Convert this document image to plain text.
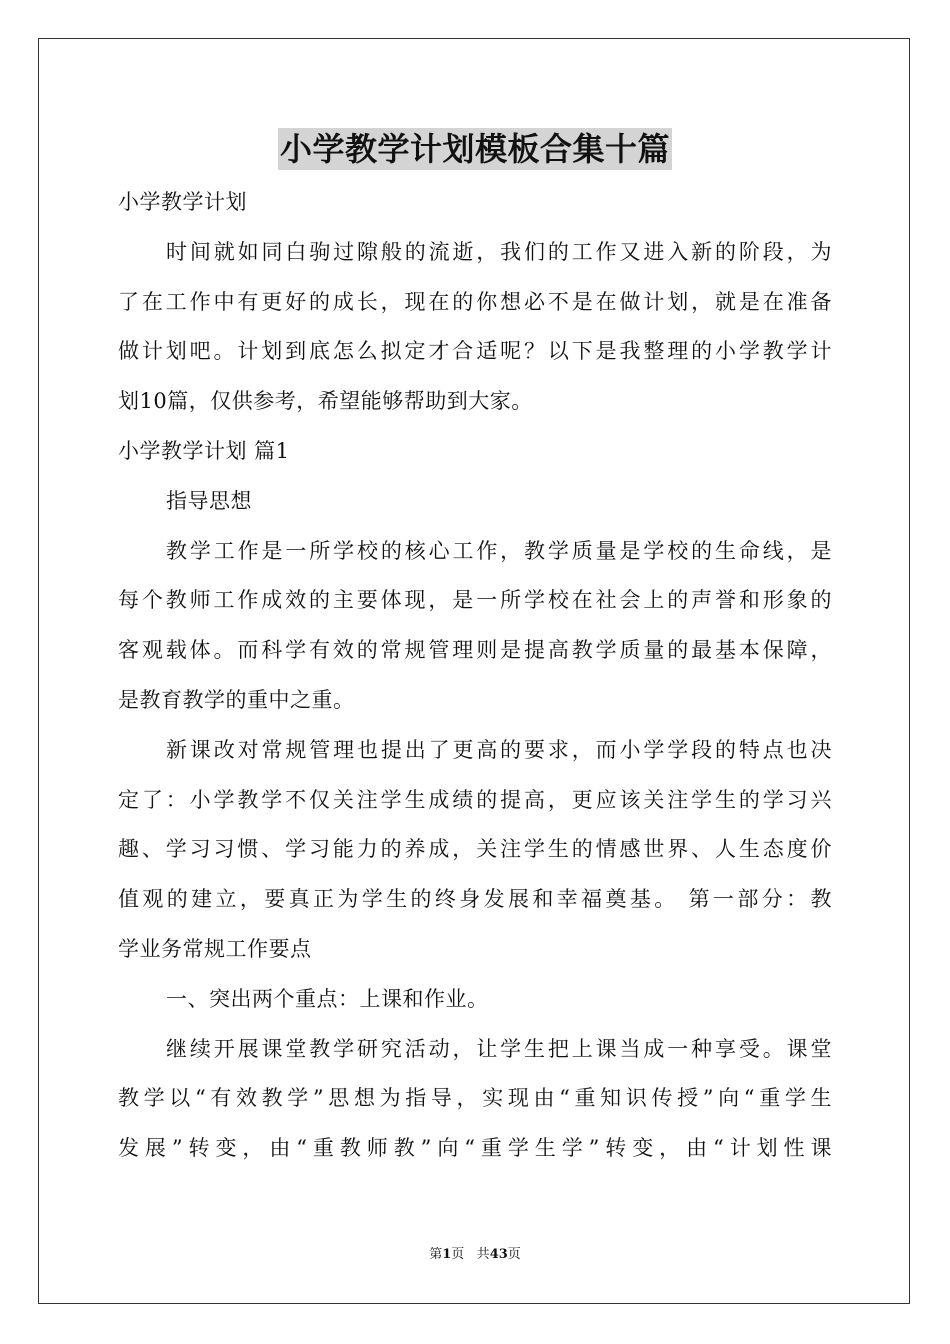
小学教学计划模板合集十篇
小学教学计划
时间就如同白驹过隙般的流逝，我们的工作又进入新的阶段，为
了在工作中有更好的成长，现在的你想必不是在做计划，就是在准备
做计划吧。计划到底怎么拟定才合适呢？以下是我整理的小学教学计
划10篇，仅供参考，希望能够帮助到大家。
小学教学计划 篇1
指导思想
教学工作是一所学校的核心工作，教学质量是学校的生命线，是
每个教师工作成效的主要体现，是一所学校在社会上的声誉和形象的
客观载体。而科学有效的常规管理则是提高教学质量的最基本保障，
是教育教学的重中之重。
新课改对常规管理也提出了更高的要求，而小学学段的特点也决
定了：小学教学不仅关注学生成绩的提高，更应该关注学生的学习兴
趣、学习习惯、学习能力的养成，关注学生的情感世界、人生态度价
值观的建立，要真正为学生的终身发展和幸福奠基。 第一部分：教
学业务常规工作要点
一、突出两个重点：上课和作业。
继续开展课堂教学研究活动，让学生把上课当成一种享受。课堂
教学以“有效教学”思想为指导，实现由“重知识传授”向“重学生
发展”转变，由“重教师教”向“重学生学”转变，由“计划性课
第1页 共43页
